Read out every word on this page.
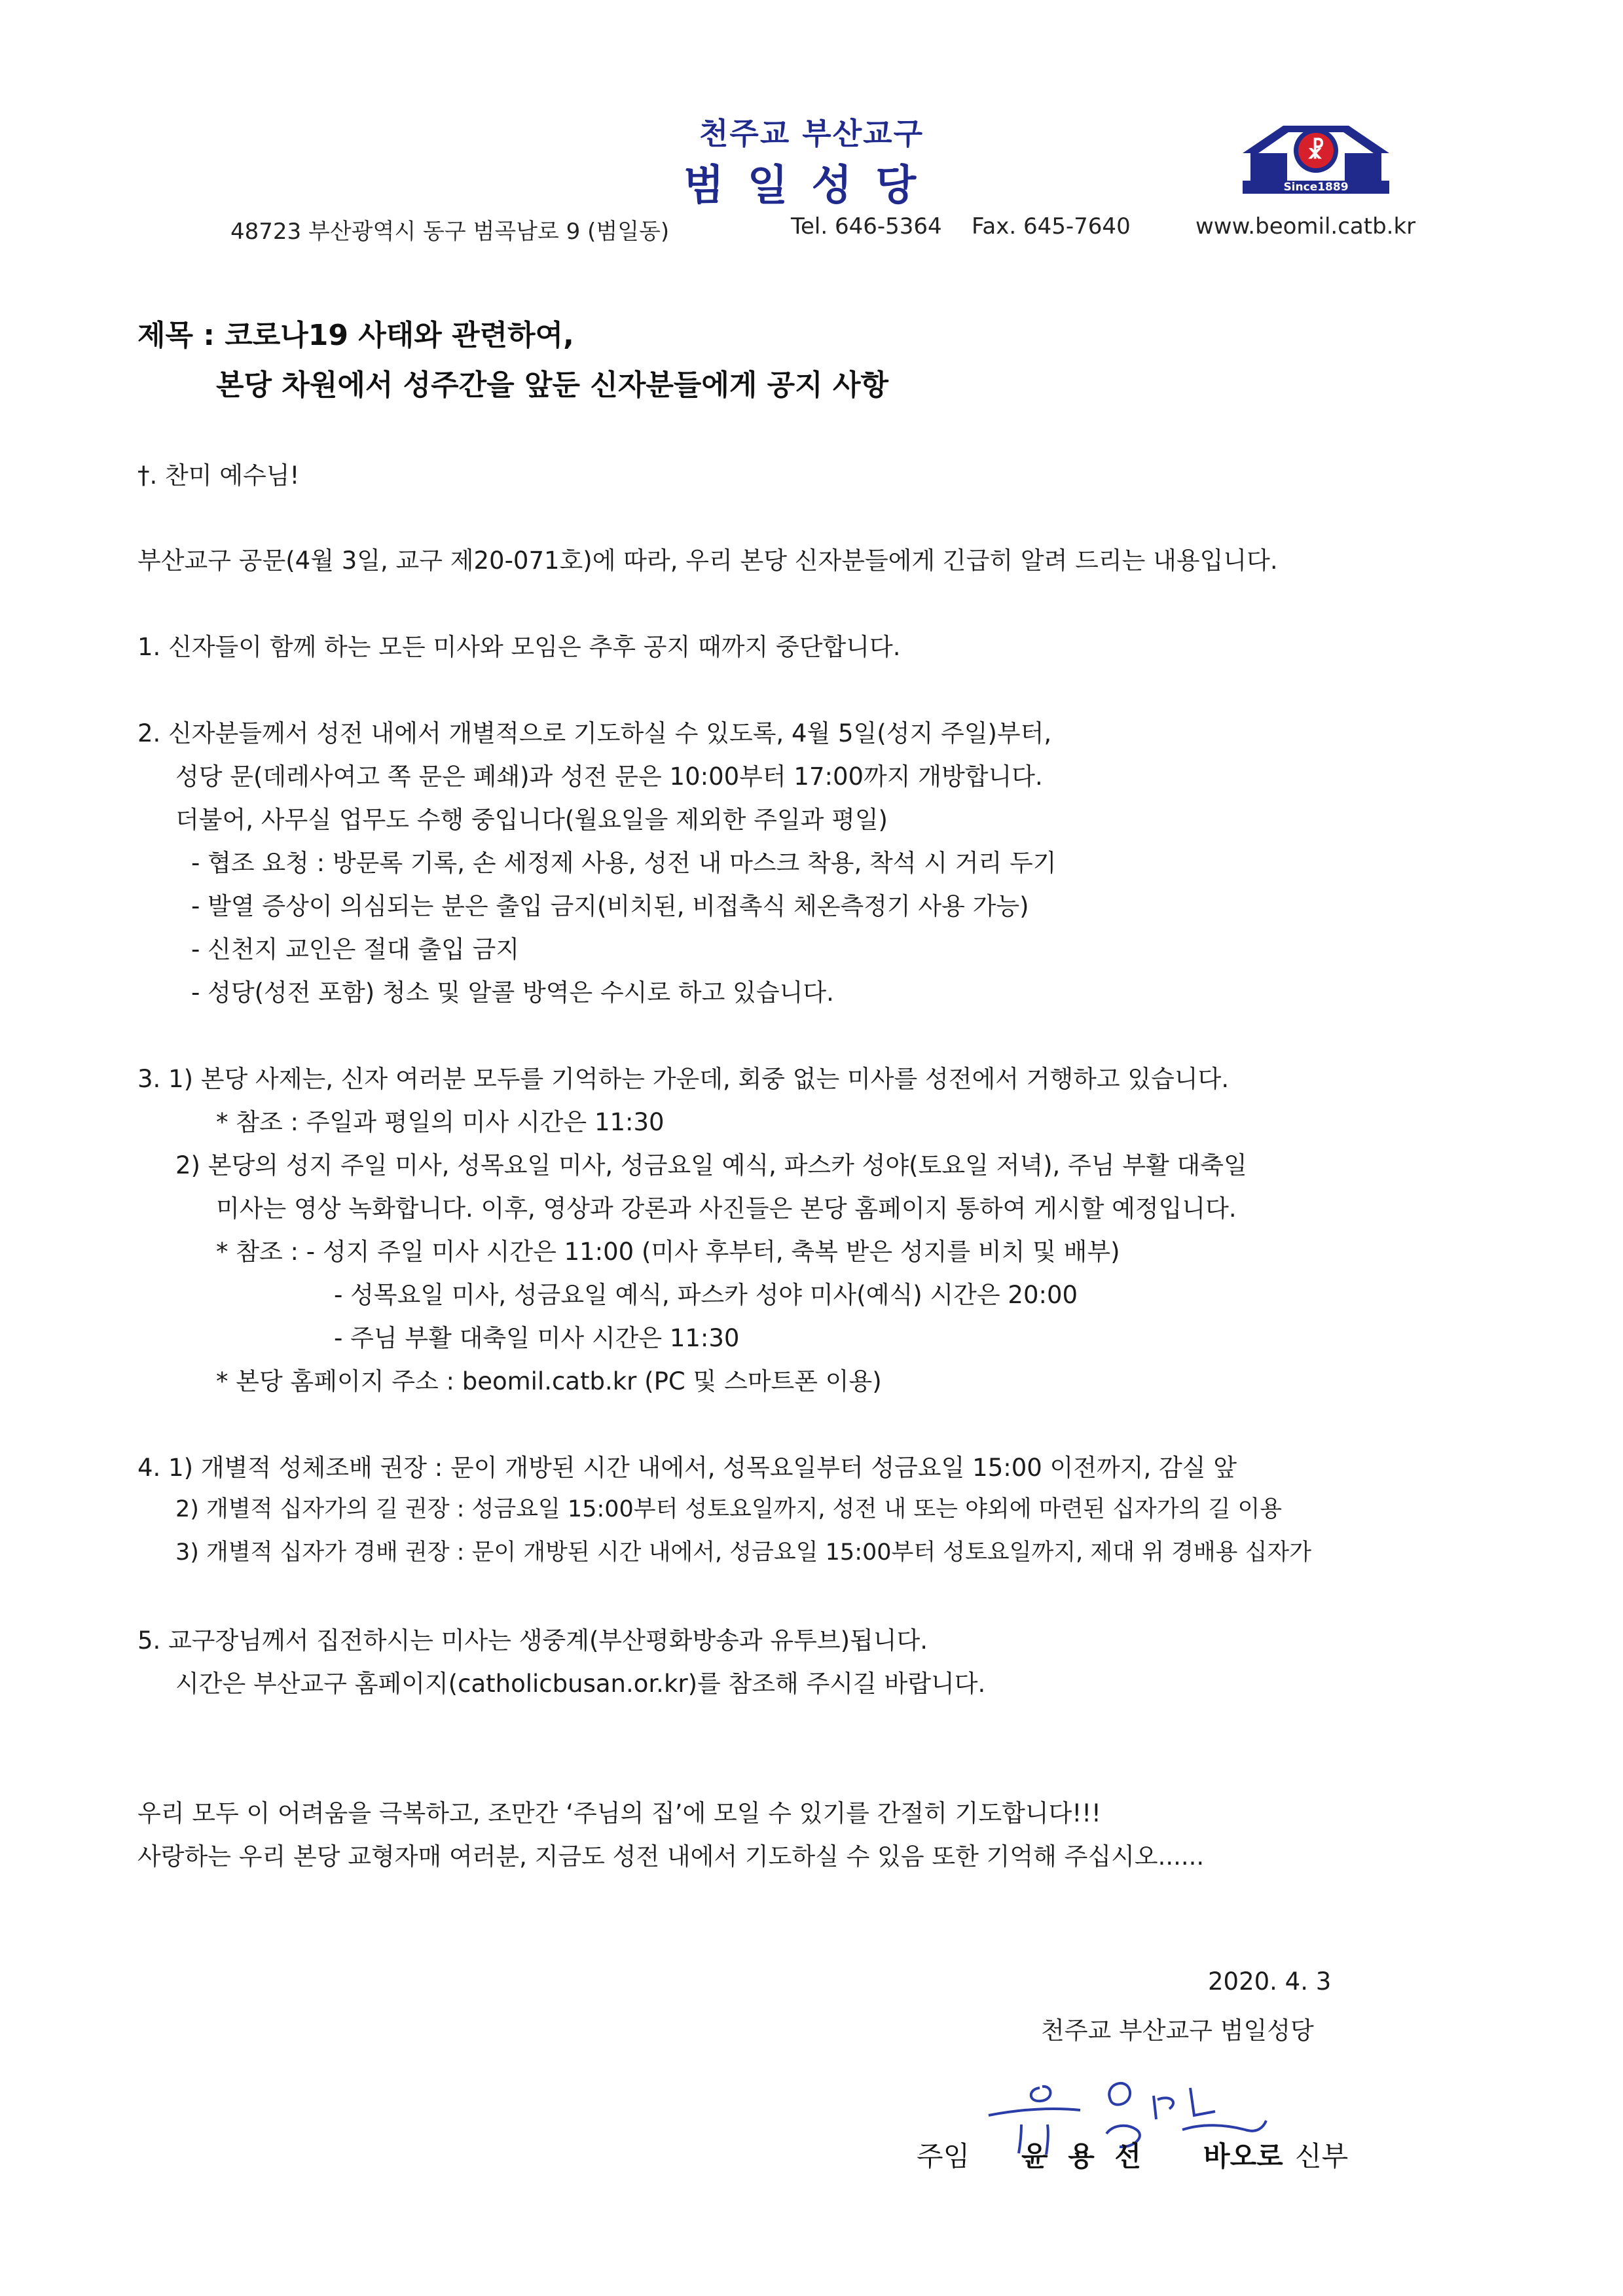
천주교 부산교구
범일성당
☧
Since1889
48723 부산광역시 동구 범곡남로 9 (범일동)	Tel. 646-5364 Fax. 645-7640	www.beomil.catb.kr
제목 : 코로나19 사태와 관련하여,
본당 차원에서 성주간을 앞둔 신자분들에게 공지 사항
†. 찬미 예수님!
부산교구 공문(4월 3일, 교구 제20-071호)에 따라, 우리 본당 신자분들에게 긴급히 알려 드리는 내용입니다.
1. 신자들이 함께 하는 모든 미사와 모임은 추후 공지 때까지 중단합니다.
2. 신자분들께서 성전 내에서 개별적으로 기도하실 수 있도록, 4월 5일(성지 주일)부터,
성당 문(데레사여고 쪽 문은 폐쇄)과 성전 문은 10:00부터 17:00까지 개방합니다.
더불어, 사무실 업무도 수행 중입니다(월요일을 제외한 주일과 평일)
- 협조 요청 : 방문록 기록, 손 세정제 사용, 성전 내 마스크 착용, 착석 시 거리 두기
- 발열 증상이 의심되는 분은 출입 금지(비치된, 비접촉식 체온측정기 사용 가능)
- 신천지 교인은 절대 출입 금지
- 성당(성전 포함) 청소 및 알콜 방역은 수시로 하고 있습니다.
3. 1) 본당 사제는, 신자 여러분 모두를 기억하는 가운데, 회중 없는 미사를 성전에서 거행하고 있습니다.
* 참조 : 주일과 평일의 미사 시간은 11:30
2) 본당의 성지 주일 미사, 성목요일 미사, 성금요일 예식, 파스카 성야(토요일 저녁), 주님 부활 대축일
미사는 영상 녹화합니다. 이후, 영상과 강론과 사진들은 본당 홈페이지 통하여 게시할 예정입니다.
* 참조 : - 성지 주일 미사 시간은 11:00 (미사 후부터, 축복 받은 성지를 비치 및 배부)
- 성목요일 미사, 성금요일 예식, 파스카 성야 미사(예식) 시간은 20:00
- 주님 부활 대축일 미사 시간은 11:30
* 본당 홈페이지 주소 : beomil.catb.kr (PC 및 스마트폰 이용)
4. 1) 개별적 성체조배 권장 : 문이 개방된 시간 내에서, 성목요일부터 성금요일 15:00 이전까지, 감실 앞
2) 개별적 십자가의 길 권장 : 성금요일 15:00부터 성토요일까지, 성전 내 또는 야외에 마련된 십자가의 길 이용
3) 개별적 십자가 경배 권장 : 문이 개방된 시간 내에서, 성금요일 15:00부터 성토요일까지, 제대 위 경배용 십자가
5. 교구장님께서 집전하시는 미사는 생중계(부산평화방송과 유투브)됩니다.
시간은 부산교구 홈페이지(catholicbusan.or.kr)를 참조해 주시길 바랍니다.
우리 모두 이 어려움을 극복하고, 조만간 ‘주님의 집’에 모일 수 있기를 간절히 기도합니다!!!
사랑하는 우리 본당 교형자매 여러분, 지금도 성전 내에서 기도하실 수 있음 또한 기억해 주십시오......
2020. 4. 3
천주교 부산교구 범일성당
주임 윤 용 선 바오로 신부
